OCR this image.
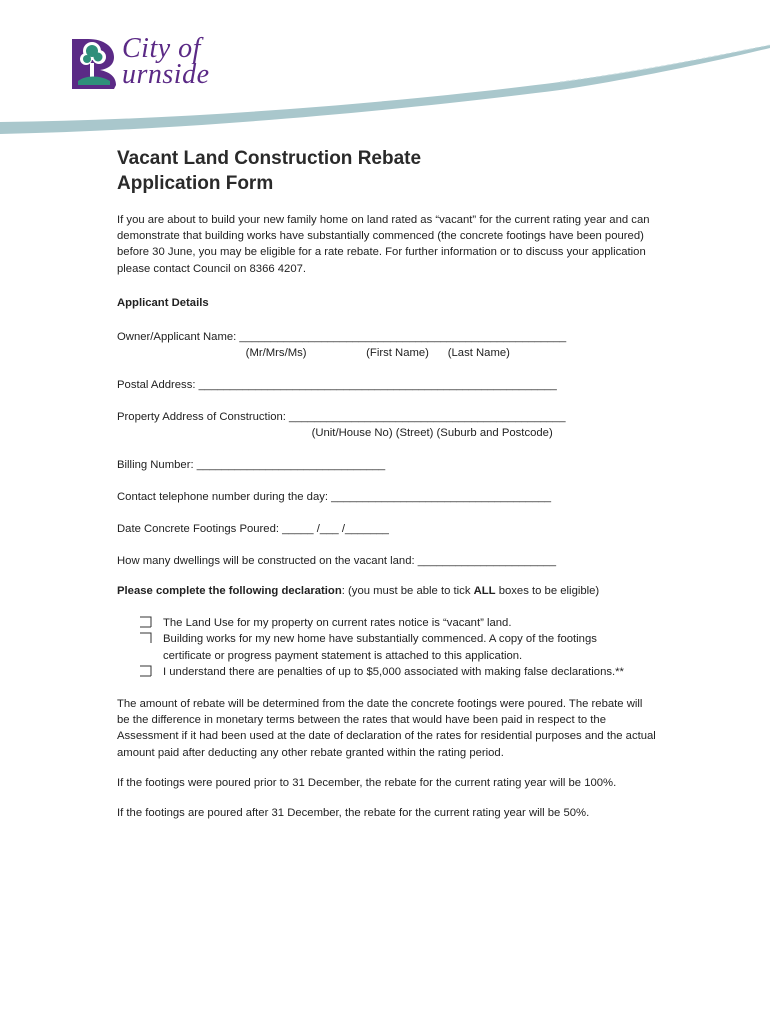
City of
urnside
Vacant Land Construction Rebate
Application Form

If you are about to build your new family home on land rated as “vacant” for the current rating year and can demonstrate that building works have substantially commenced (the concrete footings have been poured) before 30 June, you may be eligible for a rate rebate. For further information or to discuss your application please contact Council on 8366 4207.

Applicant Details

Owner/Applicant Name: ____________________________________________________
(Mr/Mrs/Ms)                   (First Name)      (Last Name)
Postal Address: _________________________________________________________
Property Address of Construction: ____________________________________________
(Unit/House No) (Street) (Suburb and Postcode)
Billing Number: ______________________________
Contact telephone number during the day: ___________________________________
Date Concrete Footings Poured: _____ /___ /_______
How many dwellings will be constructed on the vacant land: ______________________

Please complete the following declaration: (you must be able to tick ALL boxes to be eligible)

The Land Use for my property on current rates notice is “vacant” land.
Building works for my new home have substantially commenced. A copy of the footings certificate or progress payment statement is attached to this application.
I understand there are penalties of up to $5,000 associated with making false declarations.**

The amount of rebate will be determined from the date the concrete footings were poured. The rebate will be the difference in monetary terms between the rates that would have been paid in respect to the Assessment if it had been used at the date of declaration of the rates for residential purposes and the actual amount paid after deducting any other rebate granted within the rating period.

If the footings were poured prior to 31 December, the rebate for the current rating year will be 100%.

If the footings are poured after 31 December, the rebate for the current rating year will be 50%.
